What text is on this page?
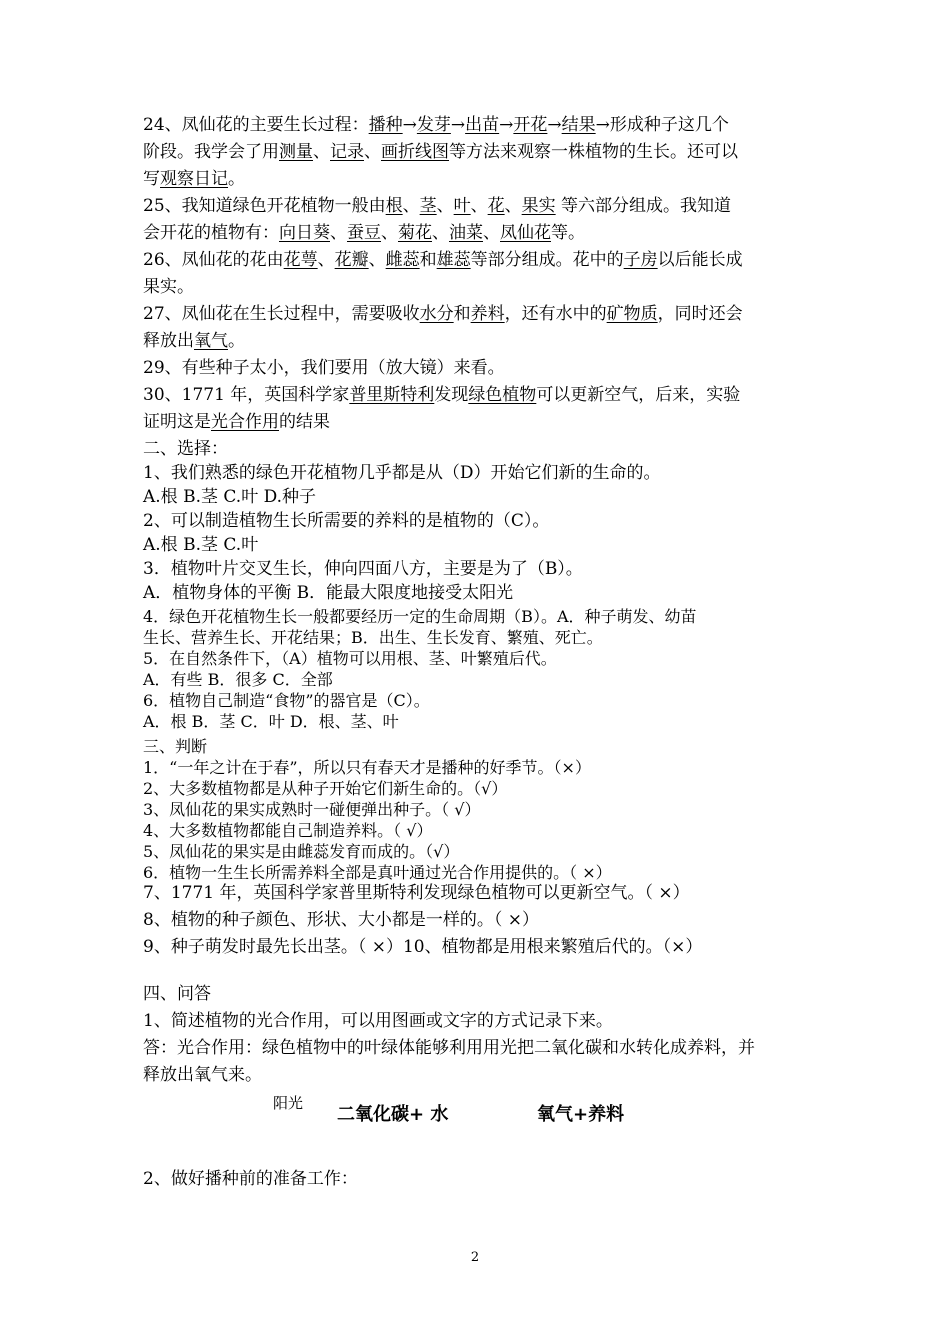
24、凤仙花的主要生长过程：播种→发芽→出苗→开花→结果→形成种子这几个
阶段。我学会了用测量、记录、画折线图等方法来观察一株植物的生长。还可以
写观察日记。
25、我知道绿色开花植物一般由根、茎、叶、花、果实 等六部分组成。我知道
会开花的植物有：向日葵、蚕豆、菊花、油菜、凤仙花等。
26、凤仙花的花由花萼、花瓣、雌蕊和雄蕊等部分组成。花中的子房以后能长成
果实。
27、凤仙花在生长过程中，需要吸收水分和养料，还有水中的矿物质，同时还会
释放出氧气。
29、有些种子太小，我们要用（放大镜）来看。
30、1771 年，英国科学家普里斯特利发现绿色植物可以更新空气，后来，实验
证明这是光合作用的结果
二、选择：
1、我们熟悉的绿色开花植物几乎都是从（D）开始它们新的生命的。
A.根 B.茎 C.叶 D.种子
2、可以制造植物生长所需要的养料的是植物的（C）。
A.根 B.茎 C.叶
3．植物叶片交叉生长，伸向四面八方，主要是为了（B）。
A．植物身体的平衡 B．能最大限度地接受太阳光
4．绿色开花植物生长一般都要经历一定的生命周期（B）。A．种子萌发、幼苗
生长、营养生长、开花结果；B．出生、生长发育、繁殖、死亡。
5．在自然条件下，（A）植物可以用根、茎、叶繁殖后代。
A．有些 B．很多 C．全部
6．植物自己制造“食物”的器官是（C）。
A．根 B．茎 C．叶 D．根、茎、叶
三、判断
1．“一年之计在于春”，所以只有春天才是播种的好季节。（×）
2、大多数植物都是从种子开始它们新生命的。（√）
3、凤仙花的果实成熟时一碰便弹出种子。（ √）
4、大多数植物都能自己制造养料。（ √）
5、凤仙花的果实是由雌蕊发育而成的。（√）
6．植物一生生长所需养料全部是真叶通过光合作用提供的。（ ×）
7、1771 年，英国科学家普里斯特利发现绿色植物可以更新空气。（ ×）
8、植物的种子颜色、形状、大小都是一样的。（ ×）
9、种子萌发时最先长出茎。（ ×）10、植物都是用根来繁殖后代的。（×）
四、问答
1、简述植物的光合作用，可以用图画或文字的方式记录下来。
答：光合作用：绿色植物中的叶绿体能够利用用光把二氧化碳和水转化成养料，并
释放出氧气来。
阳光
二氧化碳+ 水	氧气+养料
2、做好播种前的准备工作：
2
